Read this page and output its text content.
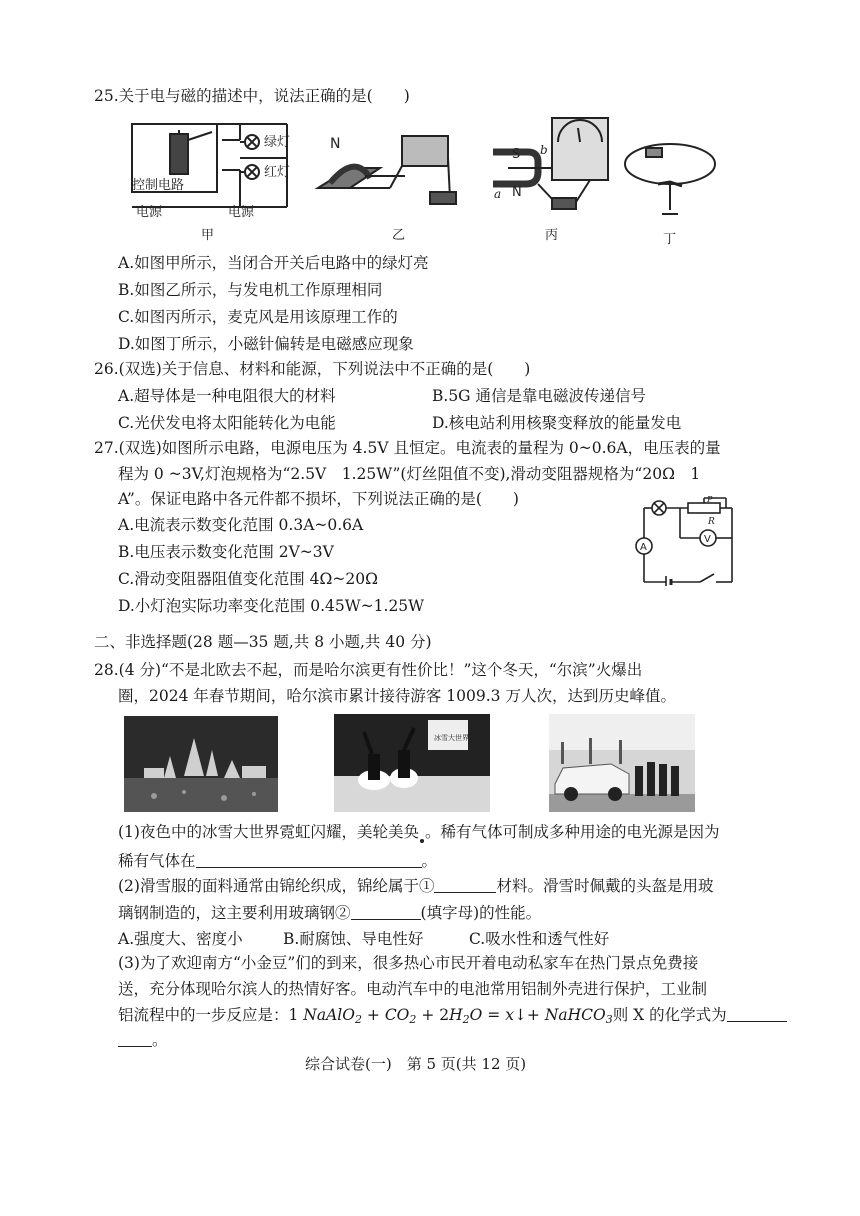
25.关于电与磁的描述中，说法正确的是(　　)
绿灯
红灯
控制电路
电源	电源
N
S
N
a
b
甲	乙	丙	丁
A.如图甲所示，当闭合开关后电路中的绿灯亮
B.如图乙所示，与发电机工作原理相同
C.如图丙所示，麦克风是用该原理工作的
D.如图丁所示，小磁针偏转是电磁感应现象
26.(双选)关于信息、材料和能源，下列说法中不正确的是(　　)
A.超导体是一种电阻很大的材料	B.5G 通信是靠电磁波传递信号
C.光伏发电将太阳能转化为电能	D.核电站利用核聚变释放的能量发电
27.(双选)如图所示电路，电源电压为 4.5V 且恒定。电流表的量程为 0~0.6A，电压表的量
程为 0 ~3V,灯泡规格为“2.5V　1.25W”(灯丝阻值不变),滑动变阻器规格为“20Ω　1
A”。保证电路中各元件都不损坏，下列说法正确的是(　　)
A.电流表示数变化范围 0.3A~0.6A
B.电压表示数变化范围 2V~3V
C.滑动变阻器阻值变化范围 4Ω~20Ω
D.小灯泡实际功率变化范围 0.45W~1.25W
A
V
P
R
二、非选择题(28 题—35 题,共 8 小题,共 40 分)
28.(4 分)“不是北欧去不起，而是哈尔滨更有性价比！”这个冬天，“尔滨”火爆出
圈，2024 年春节期间，哈尔滨市累计接待游客 1009.3 万人次，达到历史峰值。
冰雪大世界
(1)夜色中的冰雪大世界霓虹闪耀，美轮美奂 。稀有气体可制成多种用途的电光源是因为
稀有气体在	。
(2)滑雪服的面料通常由锦纶织成，锦纶属于①	材料。滑雪时佩戴的头盔是用玻
璃钢制造的，这主要利用玻璃钢②	(填字母)的性能。
A.强度大、密度小	B.耐腐蚀、导电性好	C.吸水性和透气性好
(3)为了欢迎南方“小金豆”们的到来，很多热心市民开着电动私家车在热门景点免费接
送，充分体现哈尔滨人的热情好客。电动汽车中的电池常用铝制外壳进行保护，工业制
铝流程中的一步反应是：1 NaAlO$_2$ + $CO_2 + 2H_2O$ = x↓+ NaHCO$_3$则 X 的化学式为
。
综合试卷(一)　第 5 页(共 12 页)
